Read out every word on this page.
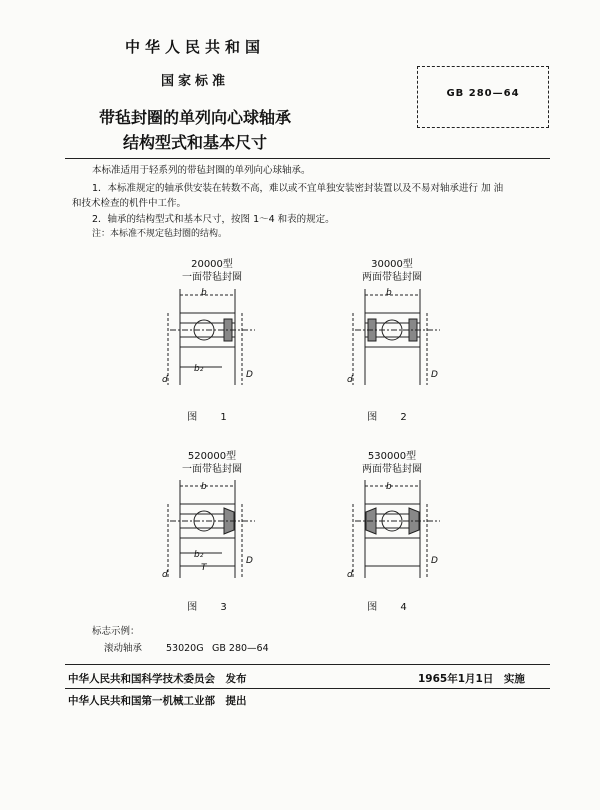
中华人民共和国
国家标准
带毡封圈的单列向心球轴承
结构型式和基本尺寸
GB 280—64
本标准适用于轻系列的带毡封圈的单列向心球轴承。
1．本标准规定的轴承供安装在转数不高，难以或不宜单独安装密封装置以及不易对轴承进行 加 油
和技术检查的机件中工作。
2．轴承的结构型式和基本尺寸，按图 1～4 和表的规定。
注：本标准不规定毡封圈的结构。
20000型
一面带毡封圈
30000型
两面带毡封圈
520000型
一面带毡封圈
530000型
两面带毡封圈
b
b₂
d	D
b
d	D
图 1	图 2
b
b₂
T
d
D
b
d
D
图 3	图 4
标志示例：
滚动轴承	53020G GB 280—64
中华人民共和国科学技术委员会　发布	1965年1月1日　实施
中华人民共和国第一机械工业部　提出
